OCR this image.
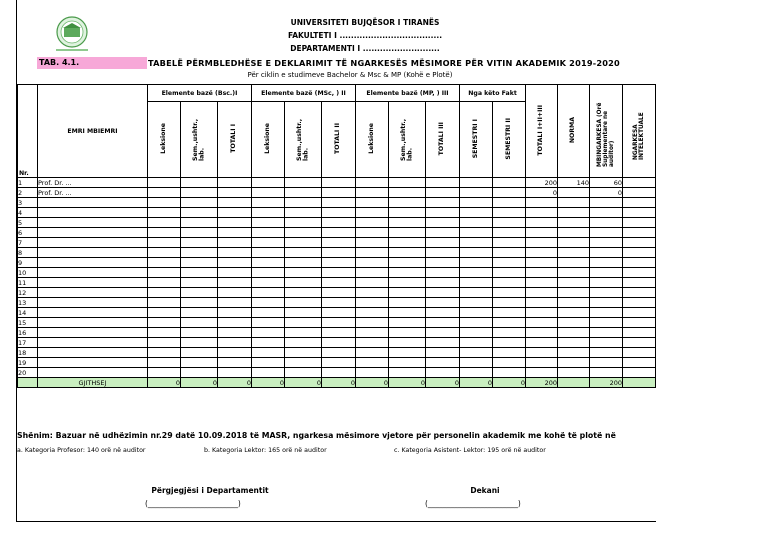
UNIVERSITETI BUJQËSOR I TIRANËS
FAKULTETI I ....................................
DEPARTAMENTI I ...........................
TAB. 4.1.	TABELË PËRMBLEDHËSE E DEKLARIMIT TË NGARKESËS MËSIMORE PËR VITIN AKADEMIK 2019-2020
Për ciklin e studimeve Bachelor & Msc & MP (Kohë e Plotë)
Nr.	EMRI MBIEMRI	Elemente bazë (Bsc.)I			Elemente bazë (MSc, ) II			Elemente bazë (MP, ) III			Nga këto Fakt		TOTALI I+II+III	NORMA	MBINGARKESA (Orë Suplementare ne auditor)	NGARKESA INTELEKTUALE
		Leksione	Sem.,ushtr., lab.	TOTALI I	Leksione	Sem.,ushtr., lab.	TOTALI II	Leksione	Sem.,ushtr., lab.	TOTALI III	SEMESTRI I	SEMESTRI II				
1	Prof. Dr. ...												200	140	60	
2	Prof. Dr. ...												0		0	
3																
4																
5																
6																
7																
8																
9																
10																
11																
12																
13																
14																
15																
16																
17																
18																
19																
20																
	GJITHSEJ	0	0	0	0	0	0	0	0	0	0	0	200		200	
Shënim: Bazuar në udhëzimin nr.29 datë 10.09.2018 të MASR, ngarkesa mësimore vjetore për personelin akademik me kohë të plotë në
a. Kategoria Profesor: 140 orë në auditor	b. Kategoria Lektor: 165 orë në auditor	c. Kategoria Asistent- Lektor: 195 orë në auditor
Përgjegjësi i Departamentit
(________________________)
Dekani
(________________________)
